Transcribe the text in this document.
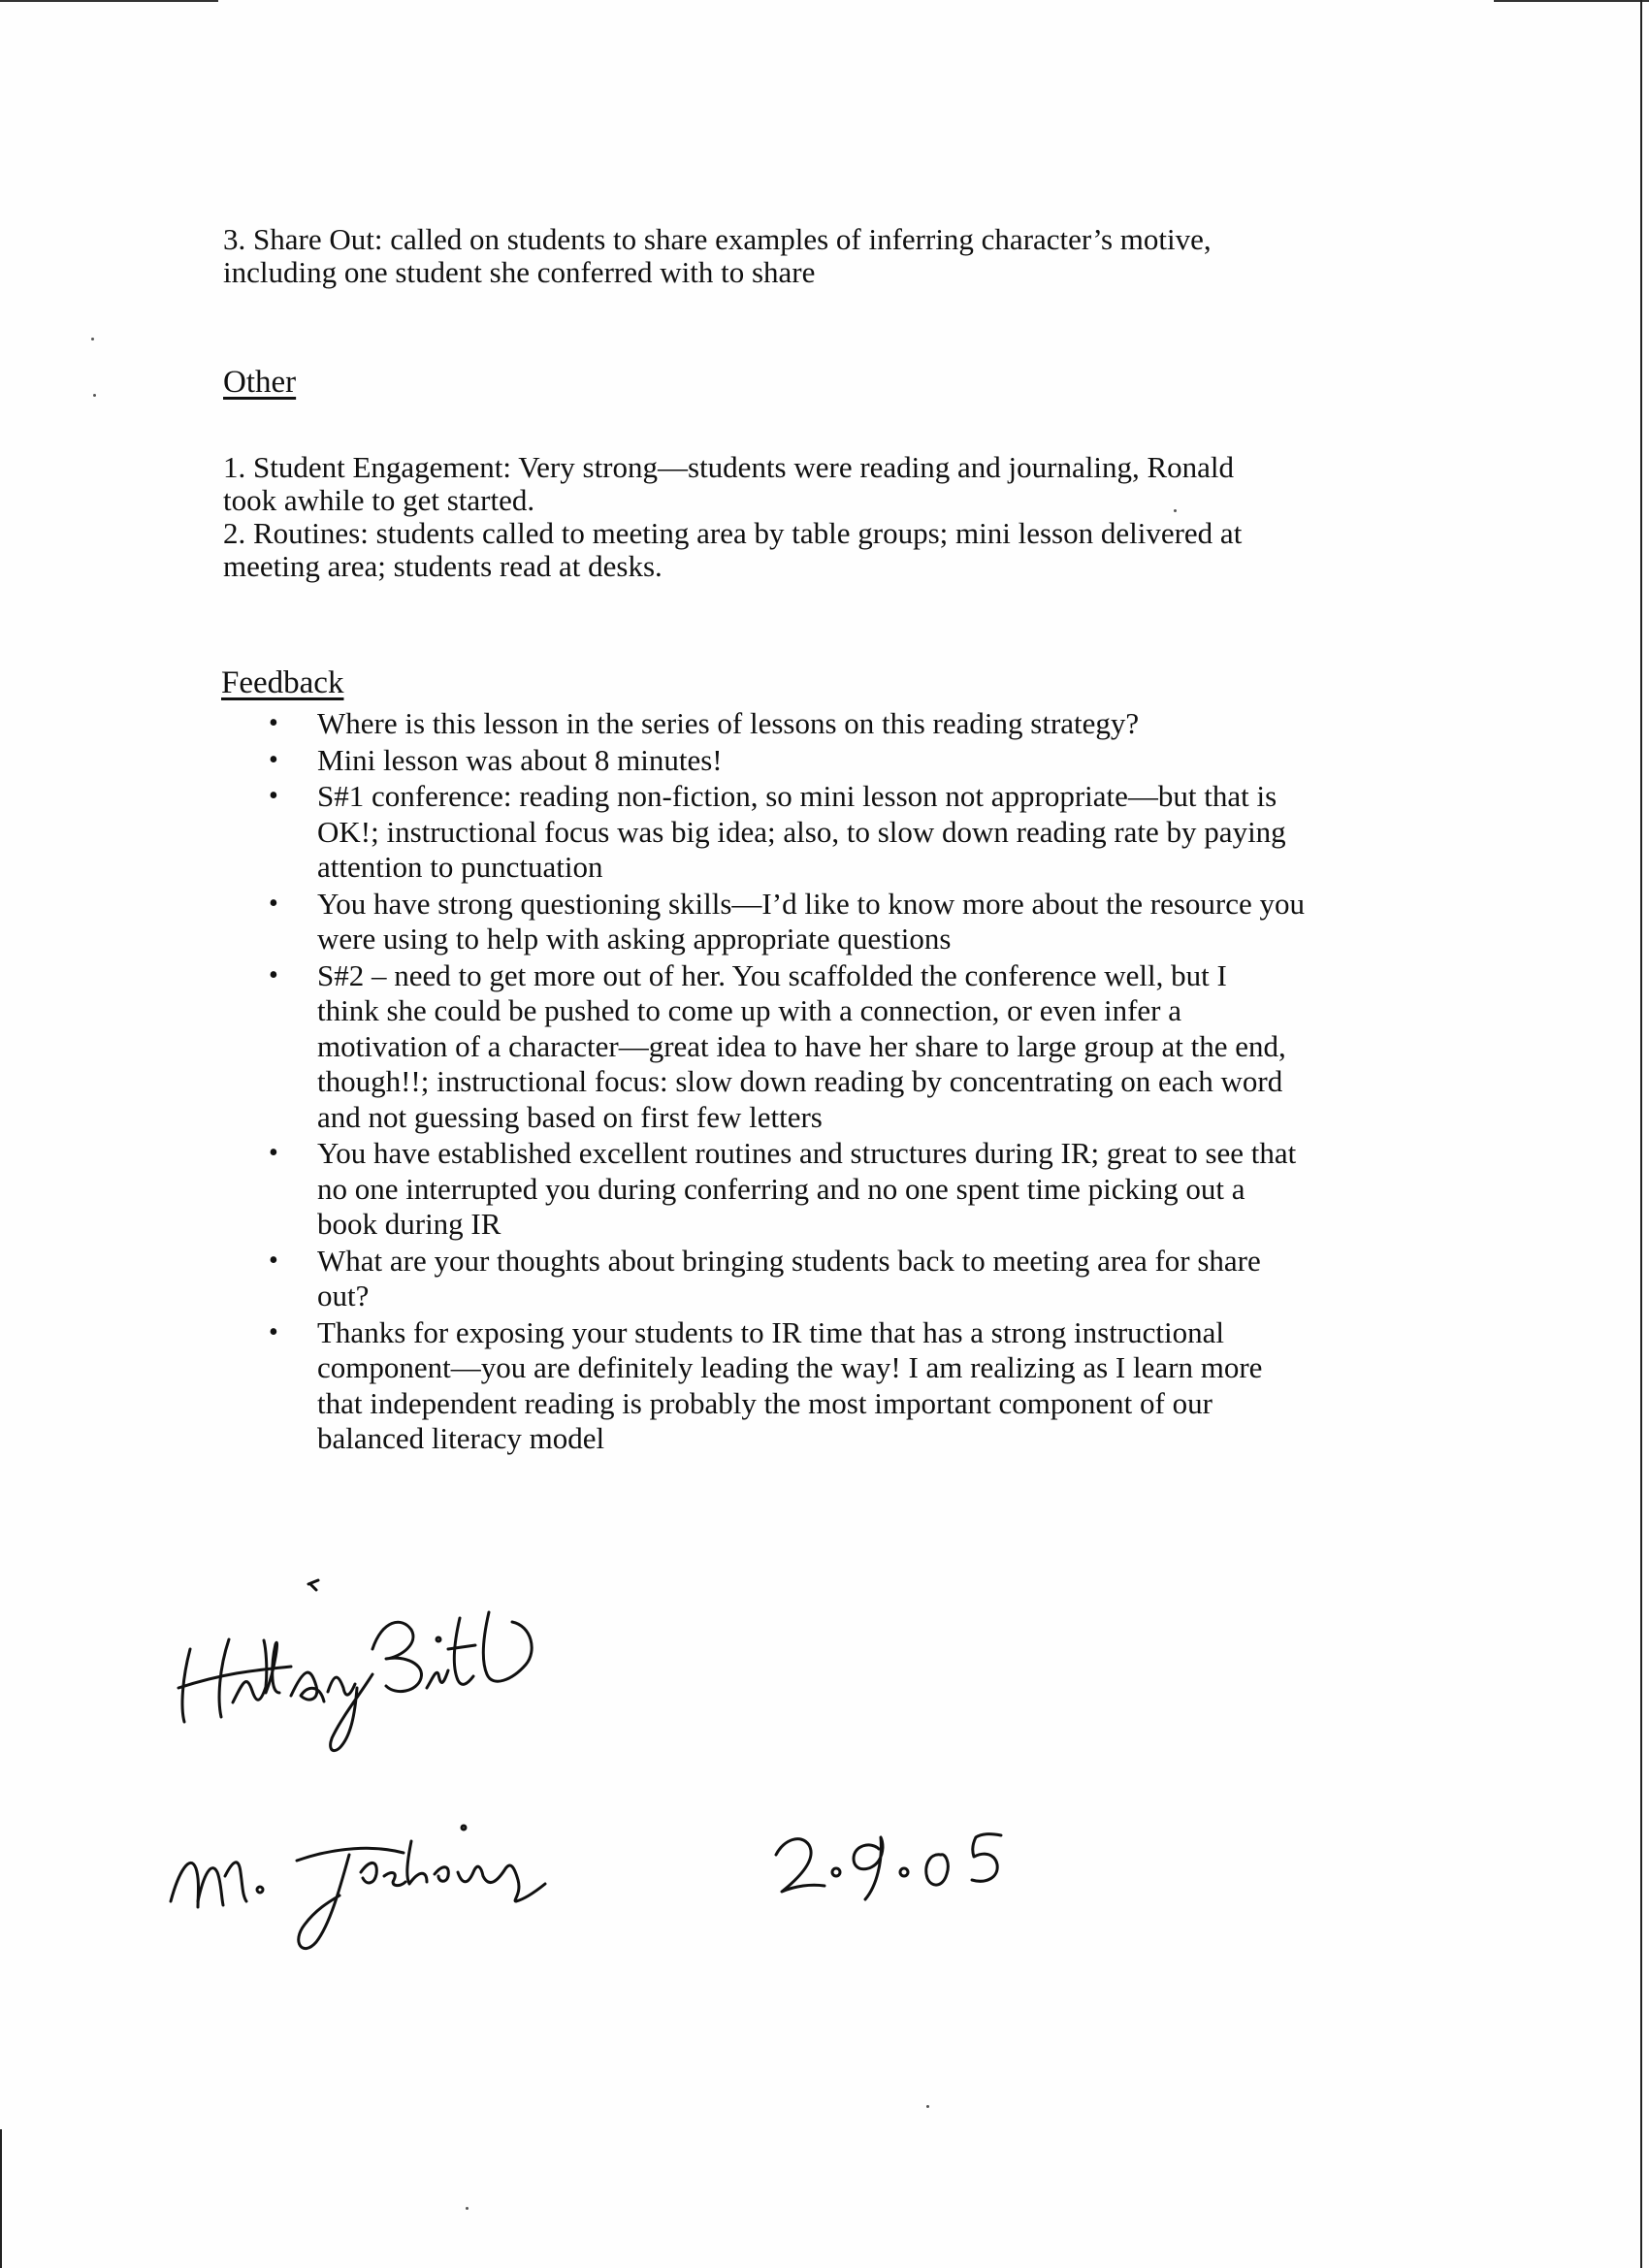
3. Share Out: called on students to share examples of inferring character’s motive,
including one student she conferred with to share

Other

1. Student Engagement: Very strong—students were reading and journaling, Ronald
took awhile to get started.

2. Routines: students called to meeting area by table groups; mini lesson delivered at
meeting area; students read at desks.

Feedback
• Where is this lesson in the series of lessons on this reading strategy?
• Mini lesson was about 8 minutes!
• S#1 conference: reading non-fiction, so mini lesson not appropriate—but that is
OK!; instructional focus was big idea; also, to slow down reading rate by paying
attention to punctuation
• You have strong questioning skills—I’d like to know more about the resource you
were using to help with asking appropriate questions
• S#2 – need to get more out of her. You scaffolded the conference well, but I
think she could be pushed to come up with a connection, or even infer a
motivation of a character—great idea to have her share to large group at the end,
though!!; instructional focus: slow down reading by concentrating on each word
and not guessing based on first few letters
• You have established excellent routines and structures during IR; great to see that
no one interrupted you during conferring and no one spent time picking out a
book during IR
• What are your thoughts about bringing students back to meeting area for share
out?
• Thanks for exposing your students to IR time that has a strong instructional
component—you are definitely leading the way! I am realizing as I learn more
that independent reading is probably the most important component of our
balanced literacy model
